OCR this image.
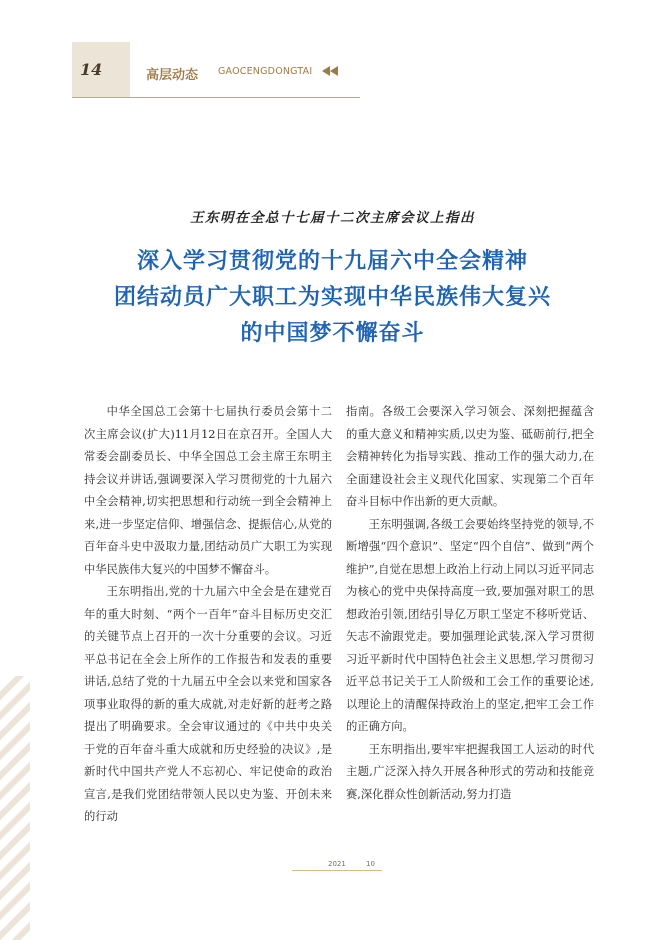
14	高层动态 GAOCENGDONGTAI
王东明在全总十七届十二次主席会议上指出
深入学习贯彻党的十九届六中全会精神
团结动员广大职工为实现中华民族伟大复兴
的中国梦不懈奋斗

中华全国总工会第十七届执行委员会第十二次主席会议(扩大)11月12日在京召开。全国人大常委会副委员长、中华全国总工会主席王东明主持会议并讲话,强调要深入学习贯彻党的十九届六中全会精神,切实把思想和行动统一到全会精神上来,进一步坚定信仰、增强信念、提振信心,从党的百年奋斗史中汲取力量,团结动员广大职工为实现中华民族伟大复兴的中国梦不懈奋斗。

王东明指出,党的十九届六中全会是在建党百年的重大时刻、“两个一百年”奋斗目标历史交汇的关键节点上召开的一次十分重要的会议。习近平总书记在全会上所作的工作报告和发表的重要讲话,总结了党的十九届五中全会以来党和国家各项事业取得的新的重大成就,对走好新的赶考之路提出了明确要求。全会审议通过的《中共中央关于党的百年奋斗重大成就和历史经验的决议》,是新时代中国共产党人不忘初心、牢记使命的政治宣言,是我们党团结带领人民以史为鉴、开创未来的行动

指南。各级工会要深入学习领会、深刻把握蕴含的重大意义和精神实质,以史为鉴、砥砺前行,把全会精神转化为指导实践、推动工作的强大动力,在全面建设社会主义现代化国家、实现第二个百年奋斗目标中作出新的更大贡献。

王东明强调,各级工会要始终坚持党的领导,不断增强“四个意识”、坚定“四个自信”、做到“两个维护”,自觉在思想上政治上行动上同以习近平同志为核心的党中央保持高度一致,要加强对职工的思想政治引领,团结引导亿万职工坚定不移听党话、矢志不渝跟党走。要加强理论武装,深入学习贯彻习近平新时代中国特色社会主义思想,学习贯彻习近平总书记关于工人阶级和工会工作的重要论述,以理论上的清醒保持政治上的坚定,把牢工会工作的正确方向。

王东明指出,要牢牢把握我国工人运动的时代主题,广泛深入持久开展各种形式的劳动和技能竞赛,深化群众性创新活动,努力打造

2021	10
